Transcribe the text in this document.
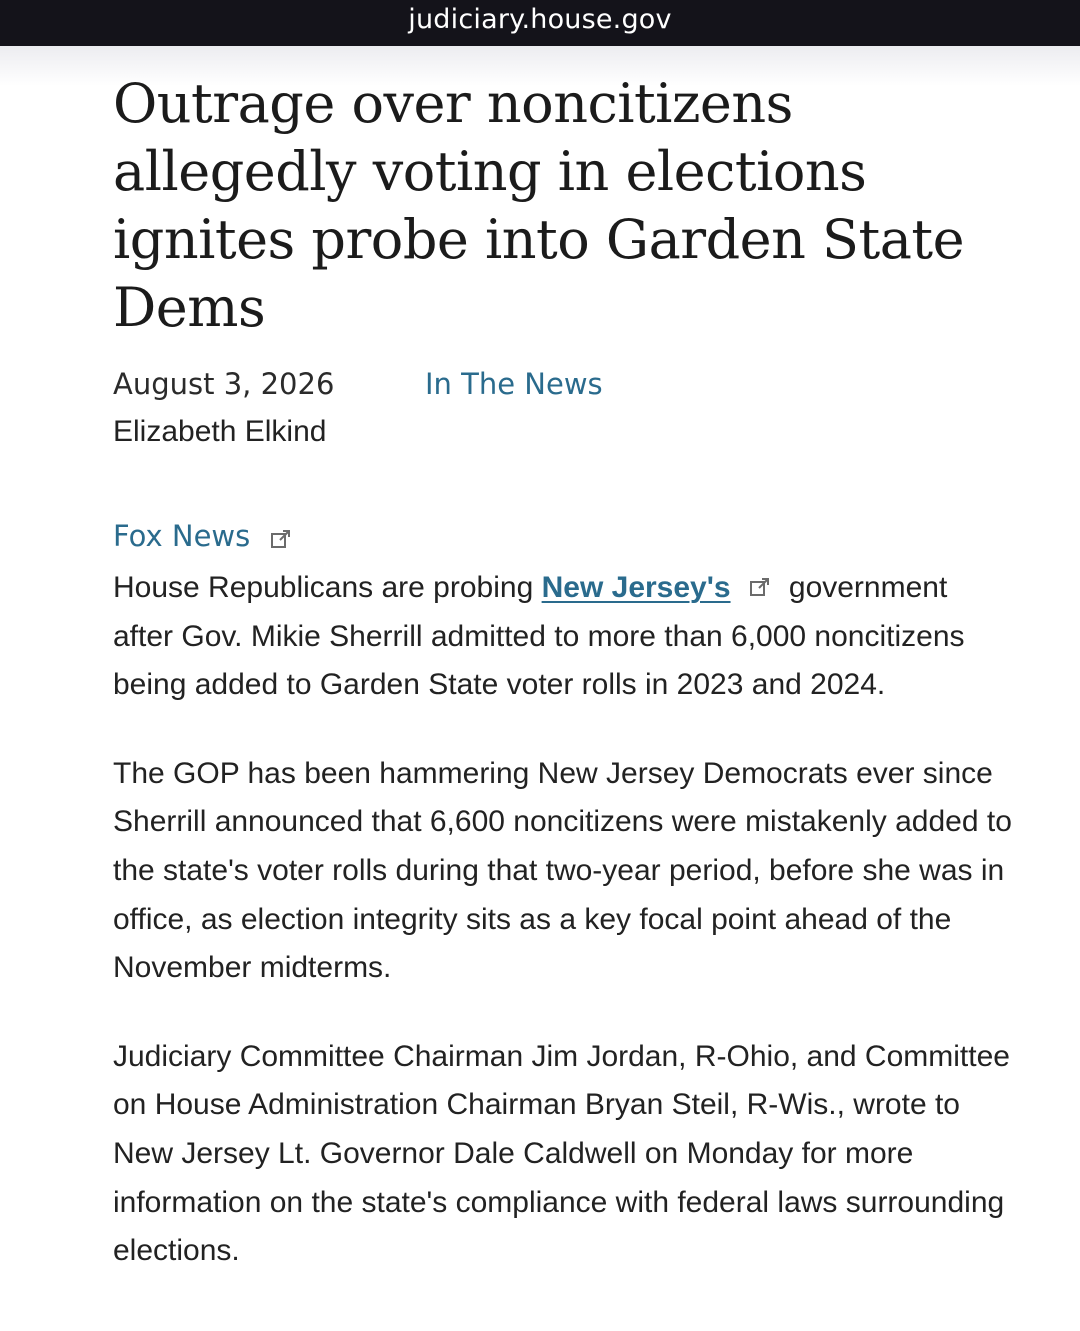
judiciary.house.gov
Outrage over noncitizens allegedly voting in elections ignites probe into Garden State Dems
August 3, 2026	In The News
Elizabeth Elkind
Fox News

House Republicans are probing New Jersey's government after Gov. Mikie Sherrill admitted to more than 6,000 noncitizens being added to Garden State voter rolls in 2023 and 2024.

The GOP has been hammering New Jersey Democrats ever since Sherrill announced that 6,600 noncitizens were mistakenly added to the state's voter rolls during that two-year period, before she was in office, as election integrity sits as a key focal point ahead of the November midterms.

Judiciary Committee Chairman Jim Jordan, R-Ohio, and Committee on House Administration Chairman Bryan Steil, R-Wis., wrote to New Jersey Lt. Governor Dale Caldwell on Monday for more information on the state's compliance with federal laws surrounding elections.
